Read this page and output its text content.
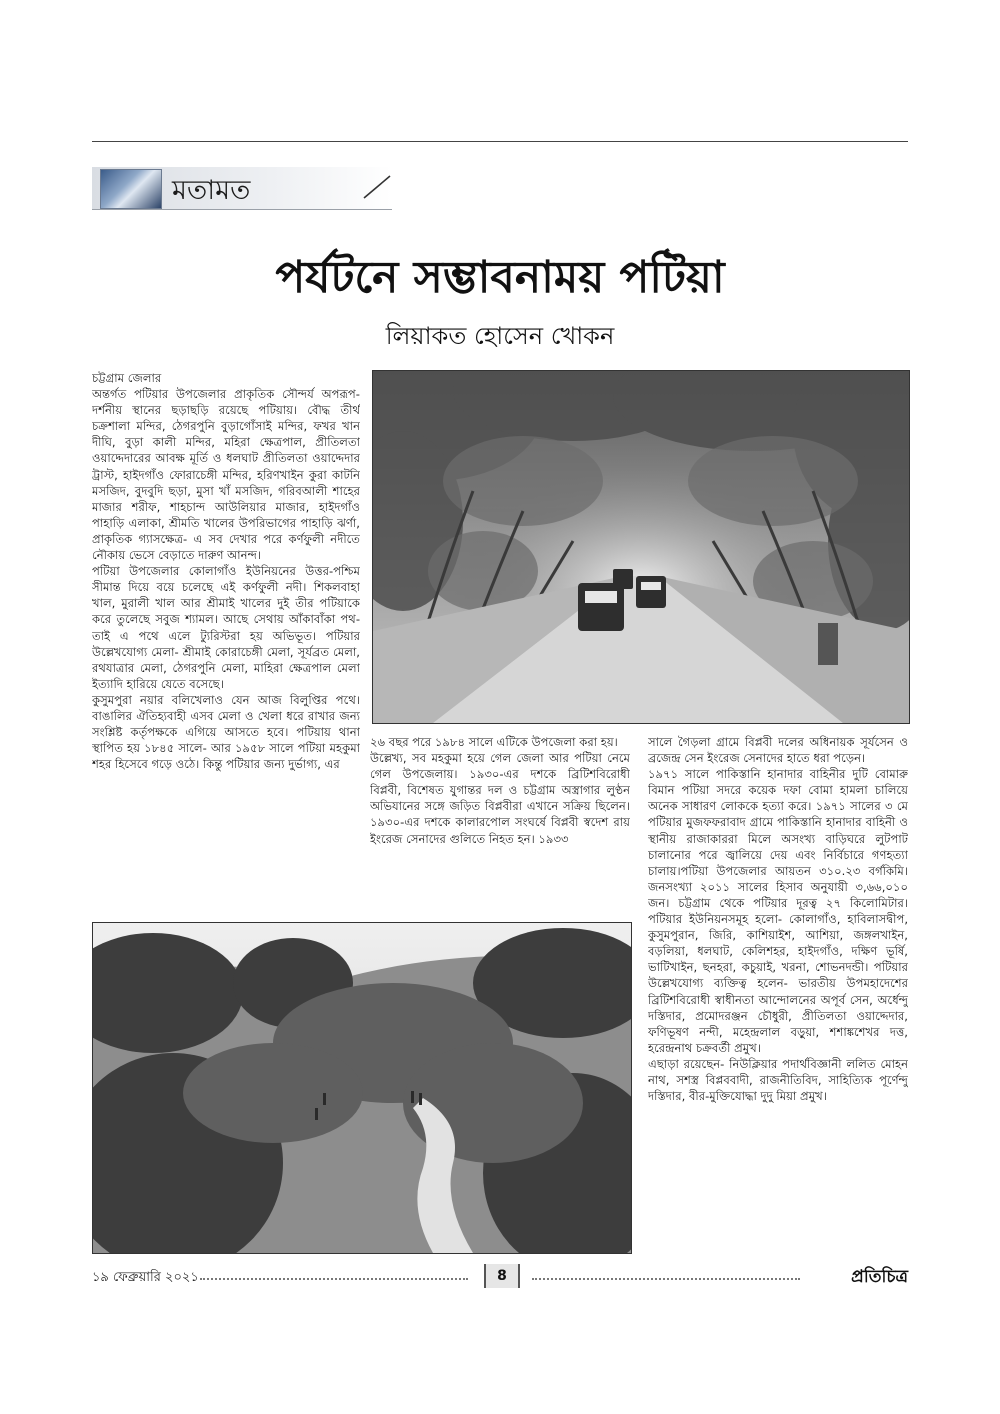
মতামত
পর্যটনে সম্ভাবনাময় পটিয়া
লিয়াকত হোসেন খোকন

চট্টগ্রাম জেলার

অন্তর্গত পটিয়ার উপজেলার প্রাকৃতিক সৌন্দর্য অপরূপ-দর্শনীয় স্থানের ছড়াছড়ি রয়েছে পটিয়ায়। বৌদ্ধ তীর্থ চক্রশালা মন্দির, ঠেগরপুনি বুড়াগোঁসাই মন্দির, ফখর খান দীঘি, বুড়া কালী মন্দির, মহিরা ক্ষেত্রপাল, প্রীতিলতা ওয়াদ্দেদারের আবক্ষ মূর্তি ও ধলঘাট প্রীতিলতা ওয়াদ্দেদার ট্রাস্ট, হাইদগাঁও ফোরাচেঙ্গী মন্দির, হরিণখাইন কুরা কাটনি মসজিদ, বুদবুদি ছড়া, মুসা খাঁ মসজিদ, গরিবআলী শাহের মাজার শরীফ, শাহচান্দ আউলিয়ার মাজার, হাইদগাঁও পাহাড়ি এলাকা, শ্রীমতি খালের উপরিভাগের পাহাড়ি ঝর্ণা, প্রাকৃতিক গ্যাসক্ষেত্র- এ সব দেখার পরে কর্ণফুলী নদীতে নৌকায় ভেসে বেড়াতে দারুণ আনন্দ।

পটিয়া উপজেলার কোলাগাঁও ইউনিয়নের উত্তর-পশ্চিম সীমান্ত দিয়ে বয়ে চলেছে এই কর্ণফুলী নদী। শিকলবাহা খাল, মুরালী খাল আর শ্রীমাই খালের দুই তীর পটিয়াকে করে তুলেছে সবুজ শ্যামল। আছে সেথায় আঁকাবাঁকা পথ- তাই এ পথে এলে ট্যুরিস্টরা হয় অভিভূত। পটিয়ার উল্লেখযোগ্য মেলা- শ্রীমাই কোরাচেঙ্গী মেলা, সূর্যব্রত মেলা, রথযাত্রার মেলা, ঠেগরপুনি মেলা, মাহিরা ক্ষেত্রপাল মেলা ইত্যাদি হারিয়ে যেতে বসেছে।

কুসুমপুরা নয়ার বলিখেলাও যেন আজ বিলুপ্তির পথে। বাঙালির ঐতিহ্যবাহী এসব মেলা ও খেলা ধরে রাখার জন্য সংশ্লিষ্ট কর্তৃপক্ষকে এগিয়ে আসতে হবে। পটিয়ায় থানা স্থাপিত হয় ১৮৪৫ সালে- আর ১৯৫৮ সালে পটিয়া মহকুমা শহর হিসেবে গড়ে ওঠে। কিন্তু পটিয়ার জন্য দুর্ভাগ্য, এর

২৬ বছর পরে ১৯৮৪ সালে এটিকে উপজেলা করা হয়।

উল্লেখ্য, সব মহকুমা হয়ে গেল জেলা আর পটিয়া নেমে গেল উপজেলায়। ১৯৩০-এর দশকে ব্রিটিশবিরোধী বিপ্লবী, বিশেষত যুগান্তর দল ও চট্টগ্রাম অস্ত্রাগার লুণ্ঠন অভিযানের সঙ্গে জড়িত বিপ্লবীরা এখানে সক্রিয় ছিলেন। ১৯৩০-এর দশকে কালারপোল সংঘর্ষে বিপ্লবী স্বদেশ রায় ইংরেজ সেনাদের গুলিতে নিহত হন। ১৯৩৩

সালে গৈড়লা গ্রামে বিপ্লবী দলের অধিনায়ক সূর্যসেন ও ব্রজেন্দ্র সেন ইংরেজ সেনাদের হাতে ধরা পড়েন।

১৯৭১ সালে পাকিস্তানি হানাদার বাহিনীর দুটি বোমারু বিমান পটিয়া সদরে কয়েক দফা বোমা হামলা চালিয়ে অনেক সাধারণ লোককে হত্যা করে। ১৯৭১ সালের ৩ মে পটিয়ার মুজফফরাবাদ গ্রামে পাকিস্তানি হানাদার বাহিনী ও স্থানীয় রাজাকাররা মিলে অসংখ্য বাড়িঘরে লুটপাট চালানোর পরে জ্বালিয়ে দেয় এবং নির্বিচারে গণহত্যা চালায়।পটিয়া উপজেলার আয়তন ৩১০.২৩ বর্গকিমি। জনসংখ্যা ২০১১ সালের হিসাব অনুযায়ী ৩,৬৬,০১০ জন। চট্টগ্রাম থেকে পটিয়ার দূরত্ব ২৭ কিলোমিটার। পটিয়ার ইউনিয়নসমূহ হলো- কোলাগাঁও, হাবিলাসদ্বীপ, কুসুমপুরান, জিরি, কাশিয়াইশ, আশিয়া, জঙ্গলখাইন, বড়লিয়া, ধলঘাট, কেলিশহর, হাইদগাঁও, দক্ষিণ ভূর্ষি, ভাটিখাইন, ছনহরা, কচুয়াই, খরনা, শোভনদন্ডী। পটিয়ার উল্লেখযোগ্য ব্যক্তিত্ব হলেন- ভারতীয় উপমহাদেশের ব্রিটিশবিরোধী স্বাধীনতা আন্দোলনের অপূর্ব সেন, অর্ধেন্দু দস্তিদার, প্রমোদরঞ্জন চৌধুরী, প্রীতিলতা ওয়াদ্দেদার, ফণিভূষণ নন্দী, মহেন্দ্রলাল বড়ুয়া, শশাঙ্কশেখর দত্ত, হরেন্দ্রনাথ চক্রবর্তী প্রমুখ।

এছাড়া রয়েছেন- নিউক্লিয়ার পদার্থবিজ্ঞানী ললিত মোহন নাথ, সশস্ত্র বিপ্লববাদী, রাজনীতিবিদ, সাহিত্যিক পূর্ণেন্দু দস্তিদার, বীর-মুক্তিযোদ্ধা দুদু মিয়া প্রমুখ।

১৯ ফেব্রুয়ারি ২০২১	8	প্রতিচিত্র
